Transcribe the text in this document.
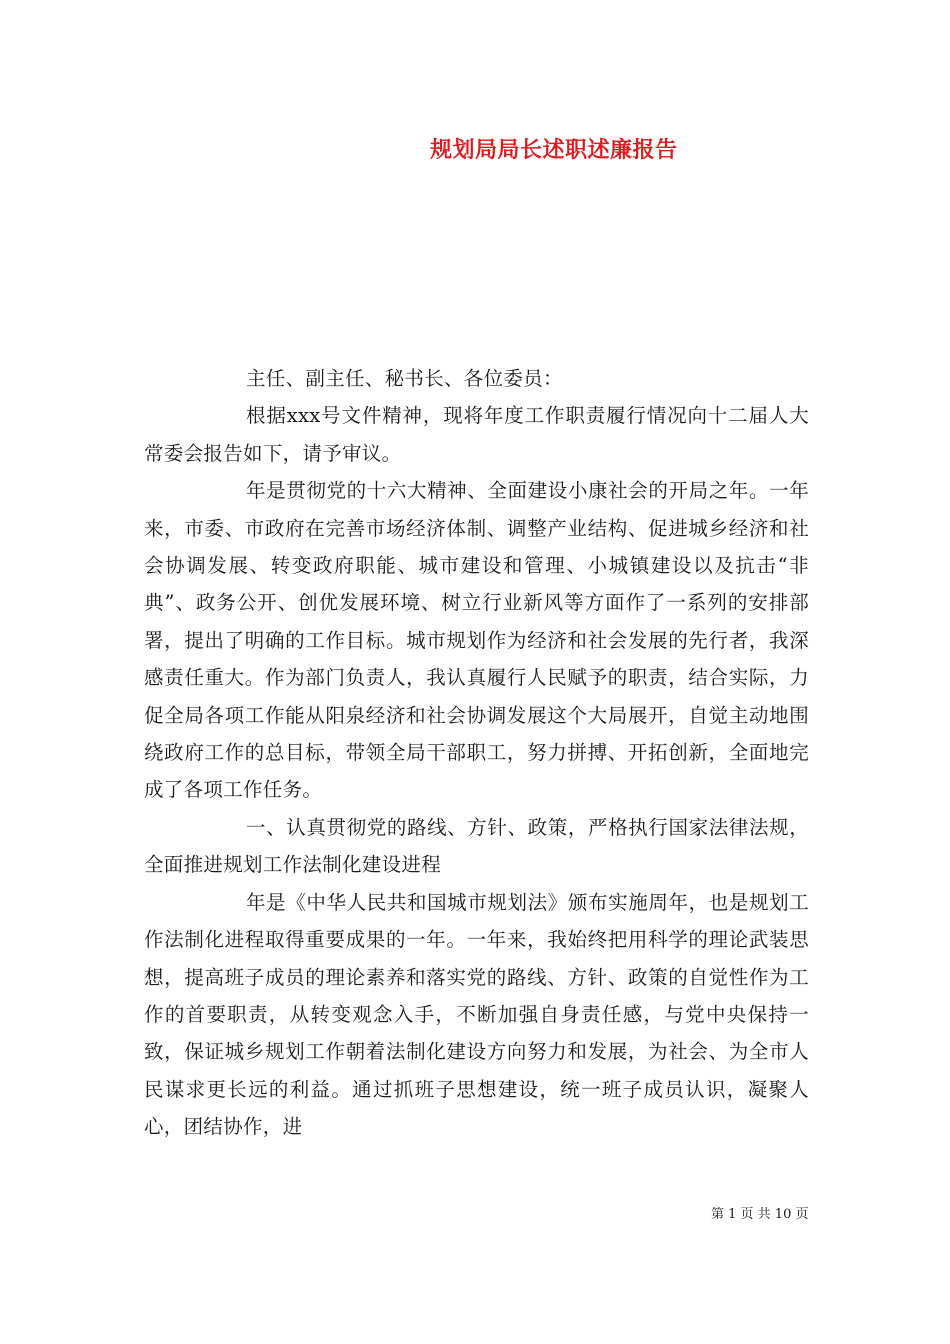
规划局局长述职述廉报告

主任、副主任、秘书长、各位委员：

根据xxx号文件精神，现将年度工作职责履行情况向十二届人大常委会报告如下，请予审议。

年是贯彻党的十六大精神、全面建设小康社会的开局之年。一年来，市委、市政府在完善市场经济体制、调整产业结构、促进城乡经济和社会协调发展、转变政府职能、城市建设和管理、小城镇建设以及抗击“非典”、政务公开、创优发展环境、树立行业新风等方面作了一系列的安排部署，提出了明确的工作目标。城市规划作为经济和社会发展的先行者，我深感责任重大。作为部门负责人，我认真履行人民赋予的职责，结合实际，力促全局各项工作能从阳泉经济和社会协调发展这个大局展开，自觉主动地围绕政府工作的总目标，带领全局干部职工，努力拼搏、开拓创新，全面地完成了各项工作任务。

一、认真贯彻党的路线、方针、政策，严格执行国家法律法规，全面推进规划工作法制化建设进程

年是《中华人民共和国城市规划法》颁布实施周年，也是规划工作法制化进程取得重要成果的一年。一年来，我始终把用科学的理论武装思想，提高班子成员的理论素养和落实党的路线、方针、政策的自觉性作为工作的首要职责，从转变观念入手，不断加强自身责任感，与党中央保持一致，保证城乡规划工作朝着法制化建设方向努力和发展，为社会、为全市人民谋求更长远的利益。通过抓班子思想建设，统一班子成员认识，凝聚人心，团结协作，进

第 1 页 共 10 页
